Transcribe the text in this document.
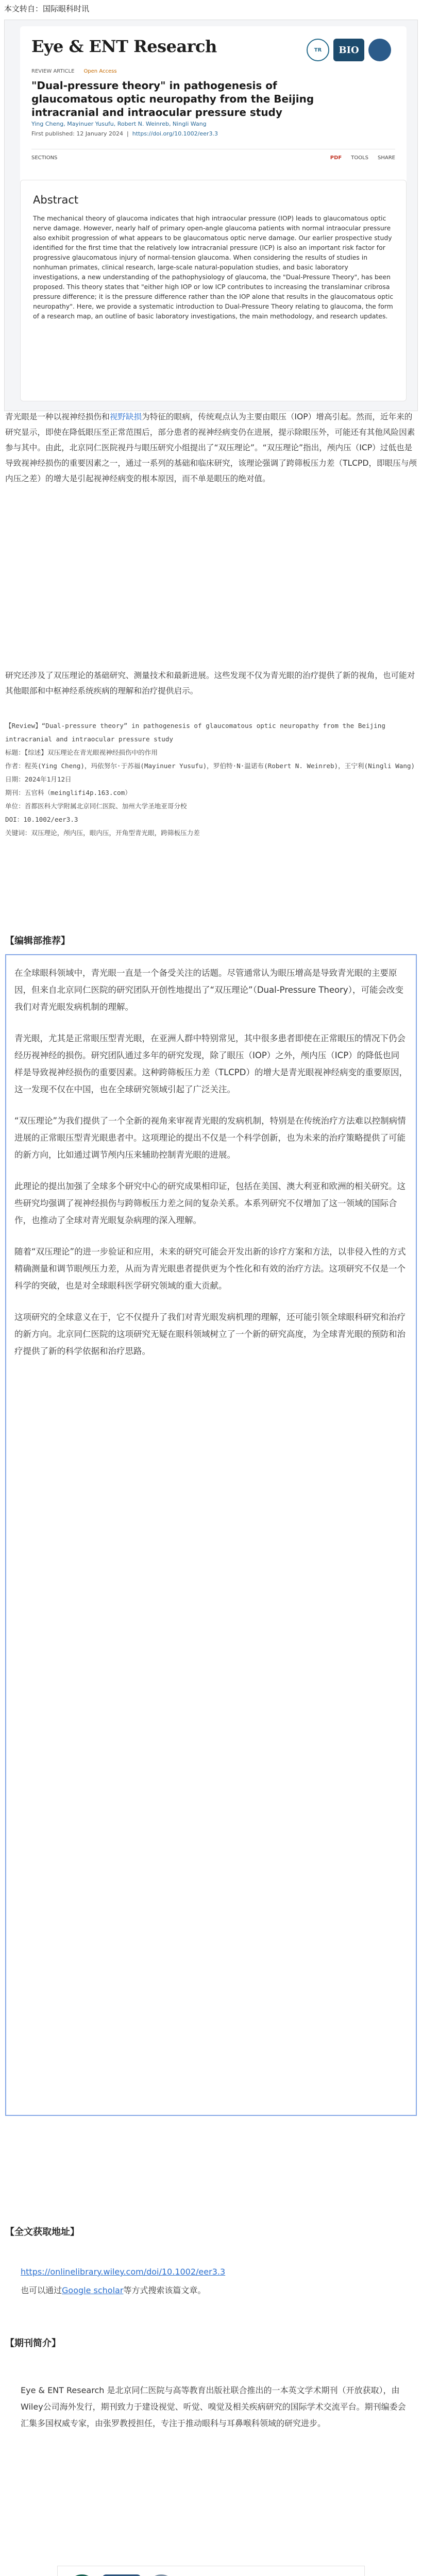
本文转自：国际眼科时讯
Eye & ENT Research	TR	BIO
REVIEW ARTICLE Open Access
"Dual-pressure theory" in pathogenesis of glaucomatous optic neuropathy from the Beijing intracranial and intraocular pressure study
Ying Cheng, Mayinuer Yusufu, Robert N. Weinreb, Ningli Wang
First published: 12 January 2024  |  https://doi.org/10.1002/eer3.3
SECTIONS	PDF TOOLS SHARE
Abstract
The mechanical theory of glaucoma indicates that high intraocular pressure (IOP) leads to glaucomatous optic nerve damage. However, nearly half of primary open-angle glaucoma patients with normal intraocular pressure also exhibit progression of what appears to be glaucomatous optic nerve damage. Our earlier prospective study identified for the first time that the relatively low intracranial pressure (ICP) is also an important risk factor for progressive glaucomatous injury of normal-tension glaucoma. When considering the results of studies in nonhuman primates, clinical research, large-scale natural-population studies, and basic laboratory investigations, a new understanding of the pathophysiology of glaucoma, the "Dual-Pressure Theory", has been proposed. This theory states that "either high IOP or low ICP contributes to increasing the translaminar cribrosa pressure difference; it is the pressure difference rather than the IOP alone that results in the glaucomatous optic neuropathy". Here, we provide a systematic introduction to Dual-Pressure Theory relating to glaucoma, the form of a research map, an outline of basic laboratory investigations, the main methodology, and research updates.
青光眼是一种以视神经损伤和视野缺损为特征的眼病，传统观点认为主要由眼压（IOP）增高引起。然而，近年来的研究显示，即使在降低眼压至正常范围后，部分患者的视神经病变仍在进展，提示除眼压外，可能还有其他风险因素参与其中。由此，北京同仁医院视丹与眼压研究小组提出了“双压理论”。“双压理论”指出，颅内压（ICP）过低也是导致视神经损伤的重要因素之一，通过一系列的基础和临床研究，该理论强调了跨筛板压力差（TLCPD，即眼压与颅内压之差）的增大是引起视神经病变的根本原因，而不单是眼压的绝对值。
研究还涉及了双压理论的基础研究、测量技术和最新进展。这些发现不仅为青光眼的治疗提供了新的视角，也可能对其他眼部和中枢神经系统疾病的理解和治疗提供启示。
【Review】“Dual-pressure theory” in pathogenesis of glaucomatous optic neuropathy from the Beijing intracranial and intraocular pressure study
标题：【综述】双压理论在青光眼视神经损伤中的作用
作者：程英(Ying Cheng)，玛依努尔·于苏福(Mayinuer Yusufu)，罗伯特·N·温诺布(Robert N. Weinreb)，王宁利(Ningli Wang)
日期：2024年1月12日
期刊：五官科（meinglifi4p.163.com）
单位：首都医科大学附属北京同仁医院、加州大学圣地亚哥分校
DOI：10.1002/eer3.3
关键词：双压理论，颅内压，眼内压，开角型青光眼，跨筛板压力差
【编辑部推荐】

在全球眼科领域中，青光眼一直是一个备受关注的话题。尽管通常认为眼压增高是导致青光眼的主要原因，但来自北京同仁医院的研究团队开创性地提出了“双压理论”（Dual-Pressure Theory），可能会改变我们对青光眼发病机制的理解。

青光眼，尤其是正常眼压型青光眼，在亚洲人群中特别常见，其中很多患者即使在正常眼压的情况下仍会经历视神经的损伤。研究团队通过多年的研究发现，除了眼压（IOP）之外，颅内压（ICP）的降低也同样是导致视神经损伤的重要因素。这种跨筛板压力差（TLCPD）的增大是青光眼视神经病变的重要原因，这一发现不仅在中国，也在全球研究领域引起了广泛关注。

“双压理论”为我们提供了一个全新的视角来审视青光眼的发病机制，特别是在传统治疗方法难以控制病情进展的正常眼压型青光眼患者中。这项理论的提出不仅是一个科学创新，也为未来的治疗策略提供了可能的新方向，比如通过调节颅内压来辅助控制青光眼的进展。

此理论的提出加强了全球多个研究中心的研究成果相印证，包括在美国、澳大利亚和欧洲的相关研究。这些研究均强调了视神经损伤与跨筛板压力差之间的复杂关系。本系列研究不仅增加了这一领域的国际合作，也推动了全球对青光眼复杂病理的深入理解。

随着“双压理论”的进一步验证和应用，未来的研究可能会开发出新的诊疗方案和方法，以非侵入性的方式精确测量和调节眼颅压力差，从而为青光眼患者提供更为个性化和有效的治疗方法。这项研究不仅是一个科学的突破，也是对全球眼科医学研究领域的重大贡献。

这项研究的全球意义在于，它不仅提升了我们对青光眼发病机理的理解，还可能引领全球眼科研究和治疗的新方向。北京同仁医院的这项研究无疑在眼科领域树立了一个新的研究高度，为全球青光眼的预防和治疗提供了新的科学依据和治疗思路。

【全文获取地址】
https://onlinelibrary.wiley.com/doi/10.1002/eer3.3
也可以通过Google scholar等方式搜索该篇文章。
【期刊简介】
Eye & ENT Research 是北京同仁医院与高等教育出版社联合推出的一本英文学术期刊（开放获取），由Wiley公司海外发行，期刊致力于建设视觉、听觉、嗅觉及相关疾病研究的国际学术交流平台。期刊编委会汇集多国权威专家，由张罗教授担任，专注于推动眼科与耳鼻喉科领域的研究进步。
